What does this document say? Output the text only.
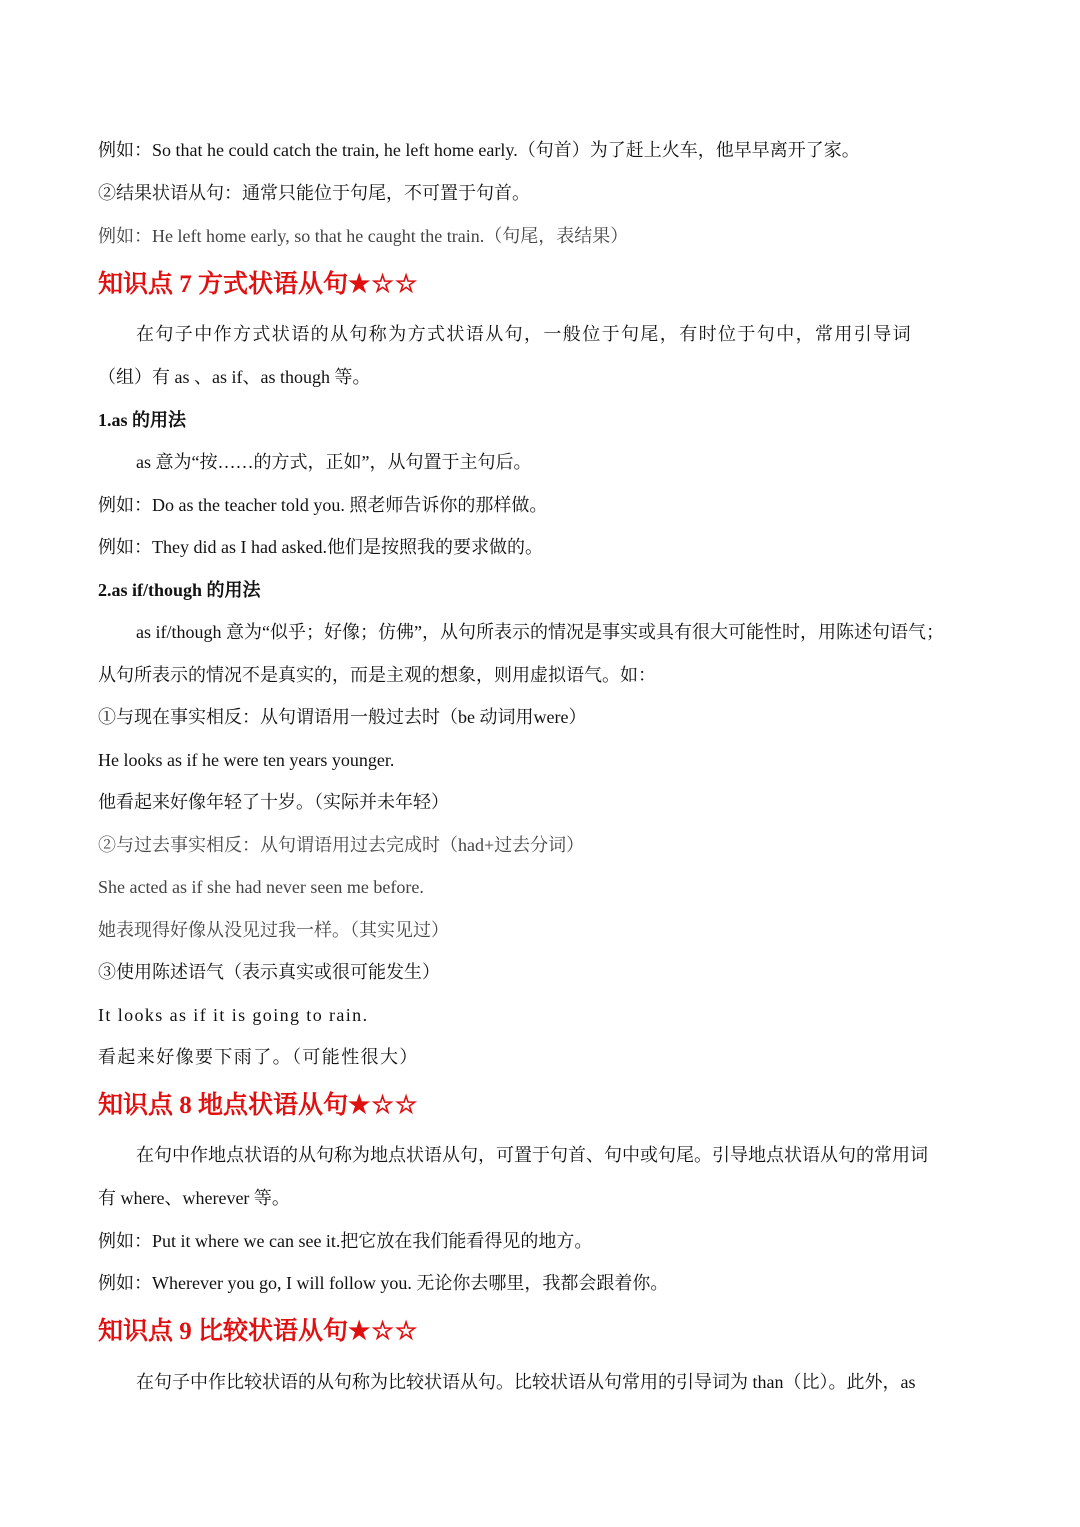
例如：So that he could catch the train, he left home early.（句首）为了赶上火车，他早早离开了家。
②结果状语从句：通常只能位于句尾，不可置于句首。
例如：He left home early, so that he caught the train.（句尾，表结果）
知识点 7 方式状语从句★☆☆
在句子中作方式状语的从句称为方式状语从句，一般位于句尾，有时位于句中，常用引导词
（组）有 as 、as if、as though 等。
1.as 的用法
as 意为“按……的方式，正如”，从句置于主句后。
例如：Do as the teacher told you. 照老师告诉你的那样做。
例如：They did as I had asked.他们是按照我的要求做的。
2.as if/though 的用法
as if/though 意为“似乎；好像；仿佛”，从句所表示的情况是事实或具有很大可能性时，用陈述句语气；
从句所表示的情况不是真实的，而是主观的想象，则用虚拟语气。如：
①与现在事实相反：从句谓语用一般过去时（be 动词用were）
He looks as if he were ten years younger.
他看起来好像年轻了十岁。（实际并未年轻）
②与过去事实相反：从句谓语用过去完成时（had+过去分词）
She acted as if she had never seen me before.
她表现得好像从没见过我一样。（其实见过）
③使用陈述语气（表示真实或很可能发生）
It looks as if it is going to rain.
看起来好像要下雨了。（可能性很大）
知识点 8 地点状语从句★☆☆
在句中作地点状语的从句称为地点状语从句，可置于句首、句中或句尾。引导地点状语从句的常用词
有 where、wherever 等。
例如：Put it where we can see it.把它放在我们能看得见的地方。
例如：Wherever you go, I will follow you. 无论你去哪里，我都会跟着你。
知识点 9 比较状语从句★☆☆
在句子中作比较状语的从句称为比较状语从句。比较状语从句常用的引导词为 than（比）。此外，as
